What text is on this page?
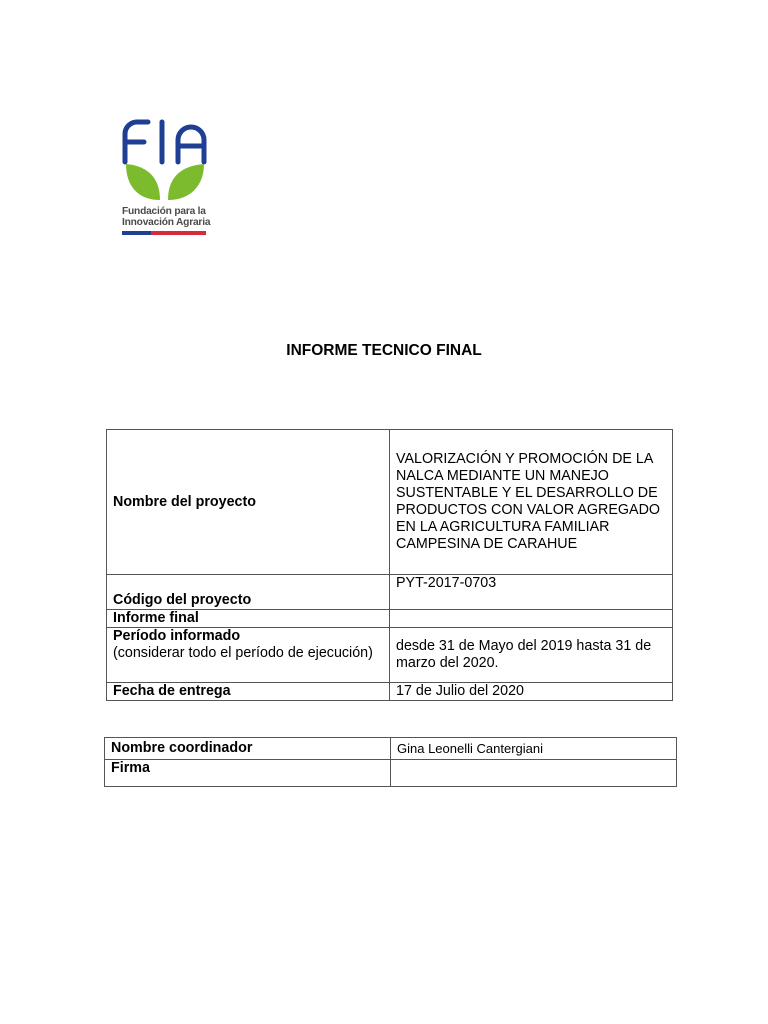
Fundación para la
Innovación Agraria
INFORME TECNICO FINAL
Nombre del proyecto	VALORIZACIÓN Y PROMOCIÓN DE LA NALCA MEDIANTE UN MANEJO SUSTENTABLE Y EL DESARROLLO DE PRODUCTOS CON VALOR AGREGADO EN LA AGRICULTURA FAMILIAR CAMPESINA DE CARAHUE
Código del proyecto	PYT-2017-0703
Informe final	

Período informado
(considerar todo el período de ejecución)	desde 31 de Mayo del 2019 hasta 31 de marzo del 2020.
Fecha de entrega	17 de Julio del 2020
Nombre coordinador	Gina Leonelli Cantergiani
Firma	
